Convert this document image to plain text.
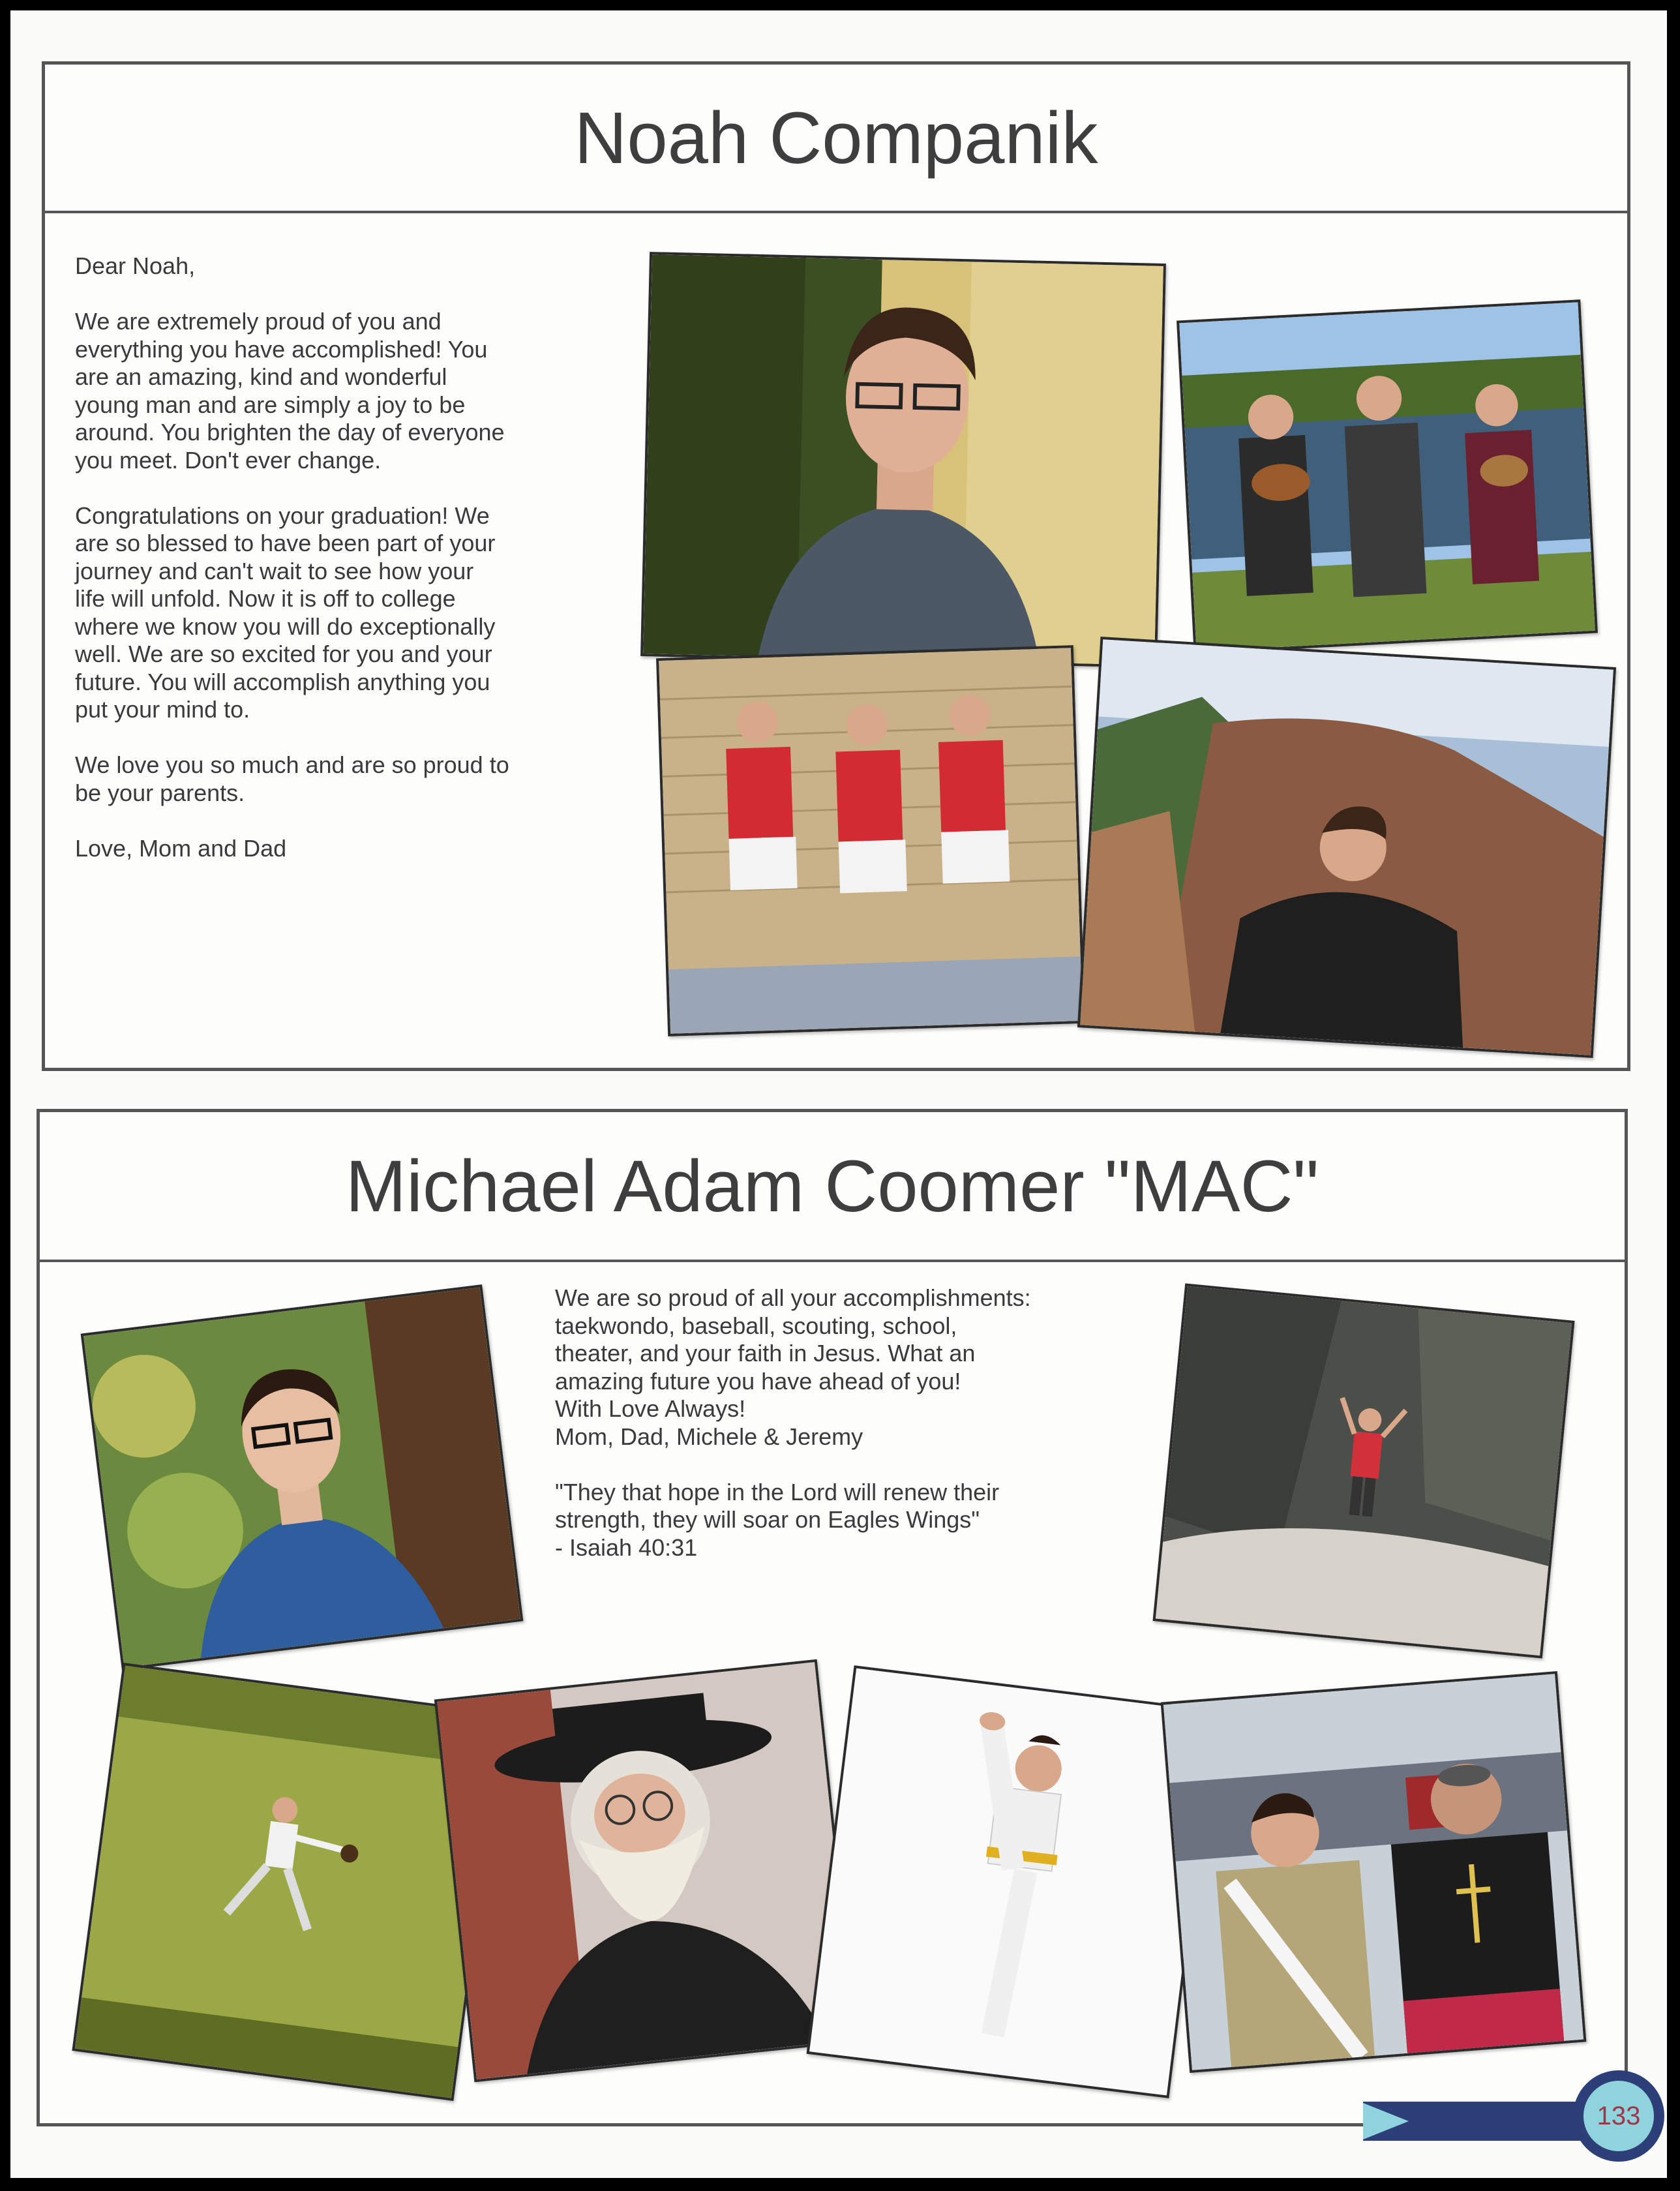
Noah Companik

Dear Noah,

We are extremely proud of you and
everything you have accomplished! You
are an amazing, kind and wonderful
young man and are simply a joy to be
around. You brighten the day of everyone
you meet. Don't ever change.

Congratulations on your graduation! We
are so blessed to have been part of your
journey and can't wait to see how your
life will unfold. Now it is off to college
where we know you will do exceptionally
well. We are so excited for you and your
future. You will accomplish anything you
put your mind to.

We love you so much and are so proud to
be your parents.

Love, Mom and Dad

Michael Adam Coomer "MAC"

We are so proud of all your accomplishments:
taekwondo, baseball, scouting, school,
theater, and your faith in Jesus. What an
amazing future you have ahead of you!
With Love Always!
Mom, Dad, Michele & Jeremy

"They that hope in the Lord will renew their
strength, they will soar on Eagles Wings"
- Isaiah 40:31

133
